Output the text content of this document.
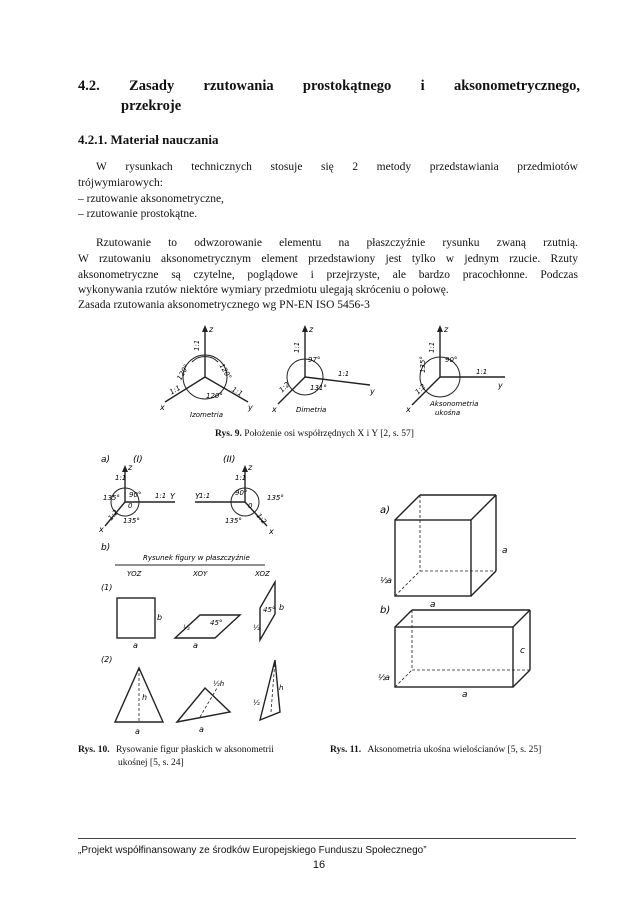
4.2. Zasady rzutowania prostokątnego i aksonometrycznego,
przekroje
4.2.1. Materiał nauczania
W rysunkach technicznych stosuje się 2 metody przedstawiania przedmiotów
trójwymiarowych:
– rzutowanie aksonometryczne,
– rzutowanie prostokątne.
Rzutowanie to odwzorowanie elementu na płaszczyźnie rysunku zwaną rzutnią.
W rzutowaniu aksonometrycznym element przedstawiony jest tylko w jednym rzucie. Rzuty
aksonometryczne są czytelne, poglądowe i przejrzyste, ale bardzo pracochłonne. Podczas
wykonywania rzutów niektóre wymiary przedmiotu ulegają skróceniu o połowę.
Zasada rzutowania aksonometrycznego wg PN-EN ISO 5456-3
z
x	y
1:1
120°	120°
120°
1:1	1:1
Izometria
z
x
y
1:1
97°
131°
1:2
1:1
Dimetria
z
x
y
1:1
135°	90°
1:2
1:1
Aksonometria
ukośna
Rys. 9. Położenie osi współrzędnych X i Y [2, s. 57]
a)	(I)	(II)
z
1:1
1:1 Y
90°
135°
135°
1:2
x
0
z
1:1
1:1
Y	90°
135°
135° 1:2
x
0
b)
Rysunek figury w płaszczyźnie
YOZ	XOY	XOZ
(1)
b
a
½
45°
a
½
45° b
(2)
h
a
½h
a
½
h
Rys. 10. Rysowanie figur płaskich w aksonometrii
ukośnej [5, s. 24]
a)
a
a
½ a
b)
c
a
½ a
Rys. 11. Aksonometria ukośna wielościanów [5, s. 25]
„Projekt współfinansowany ze środków Europejskiego Funduszu Społecznego”
16
